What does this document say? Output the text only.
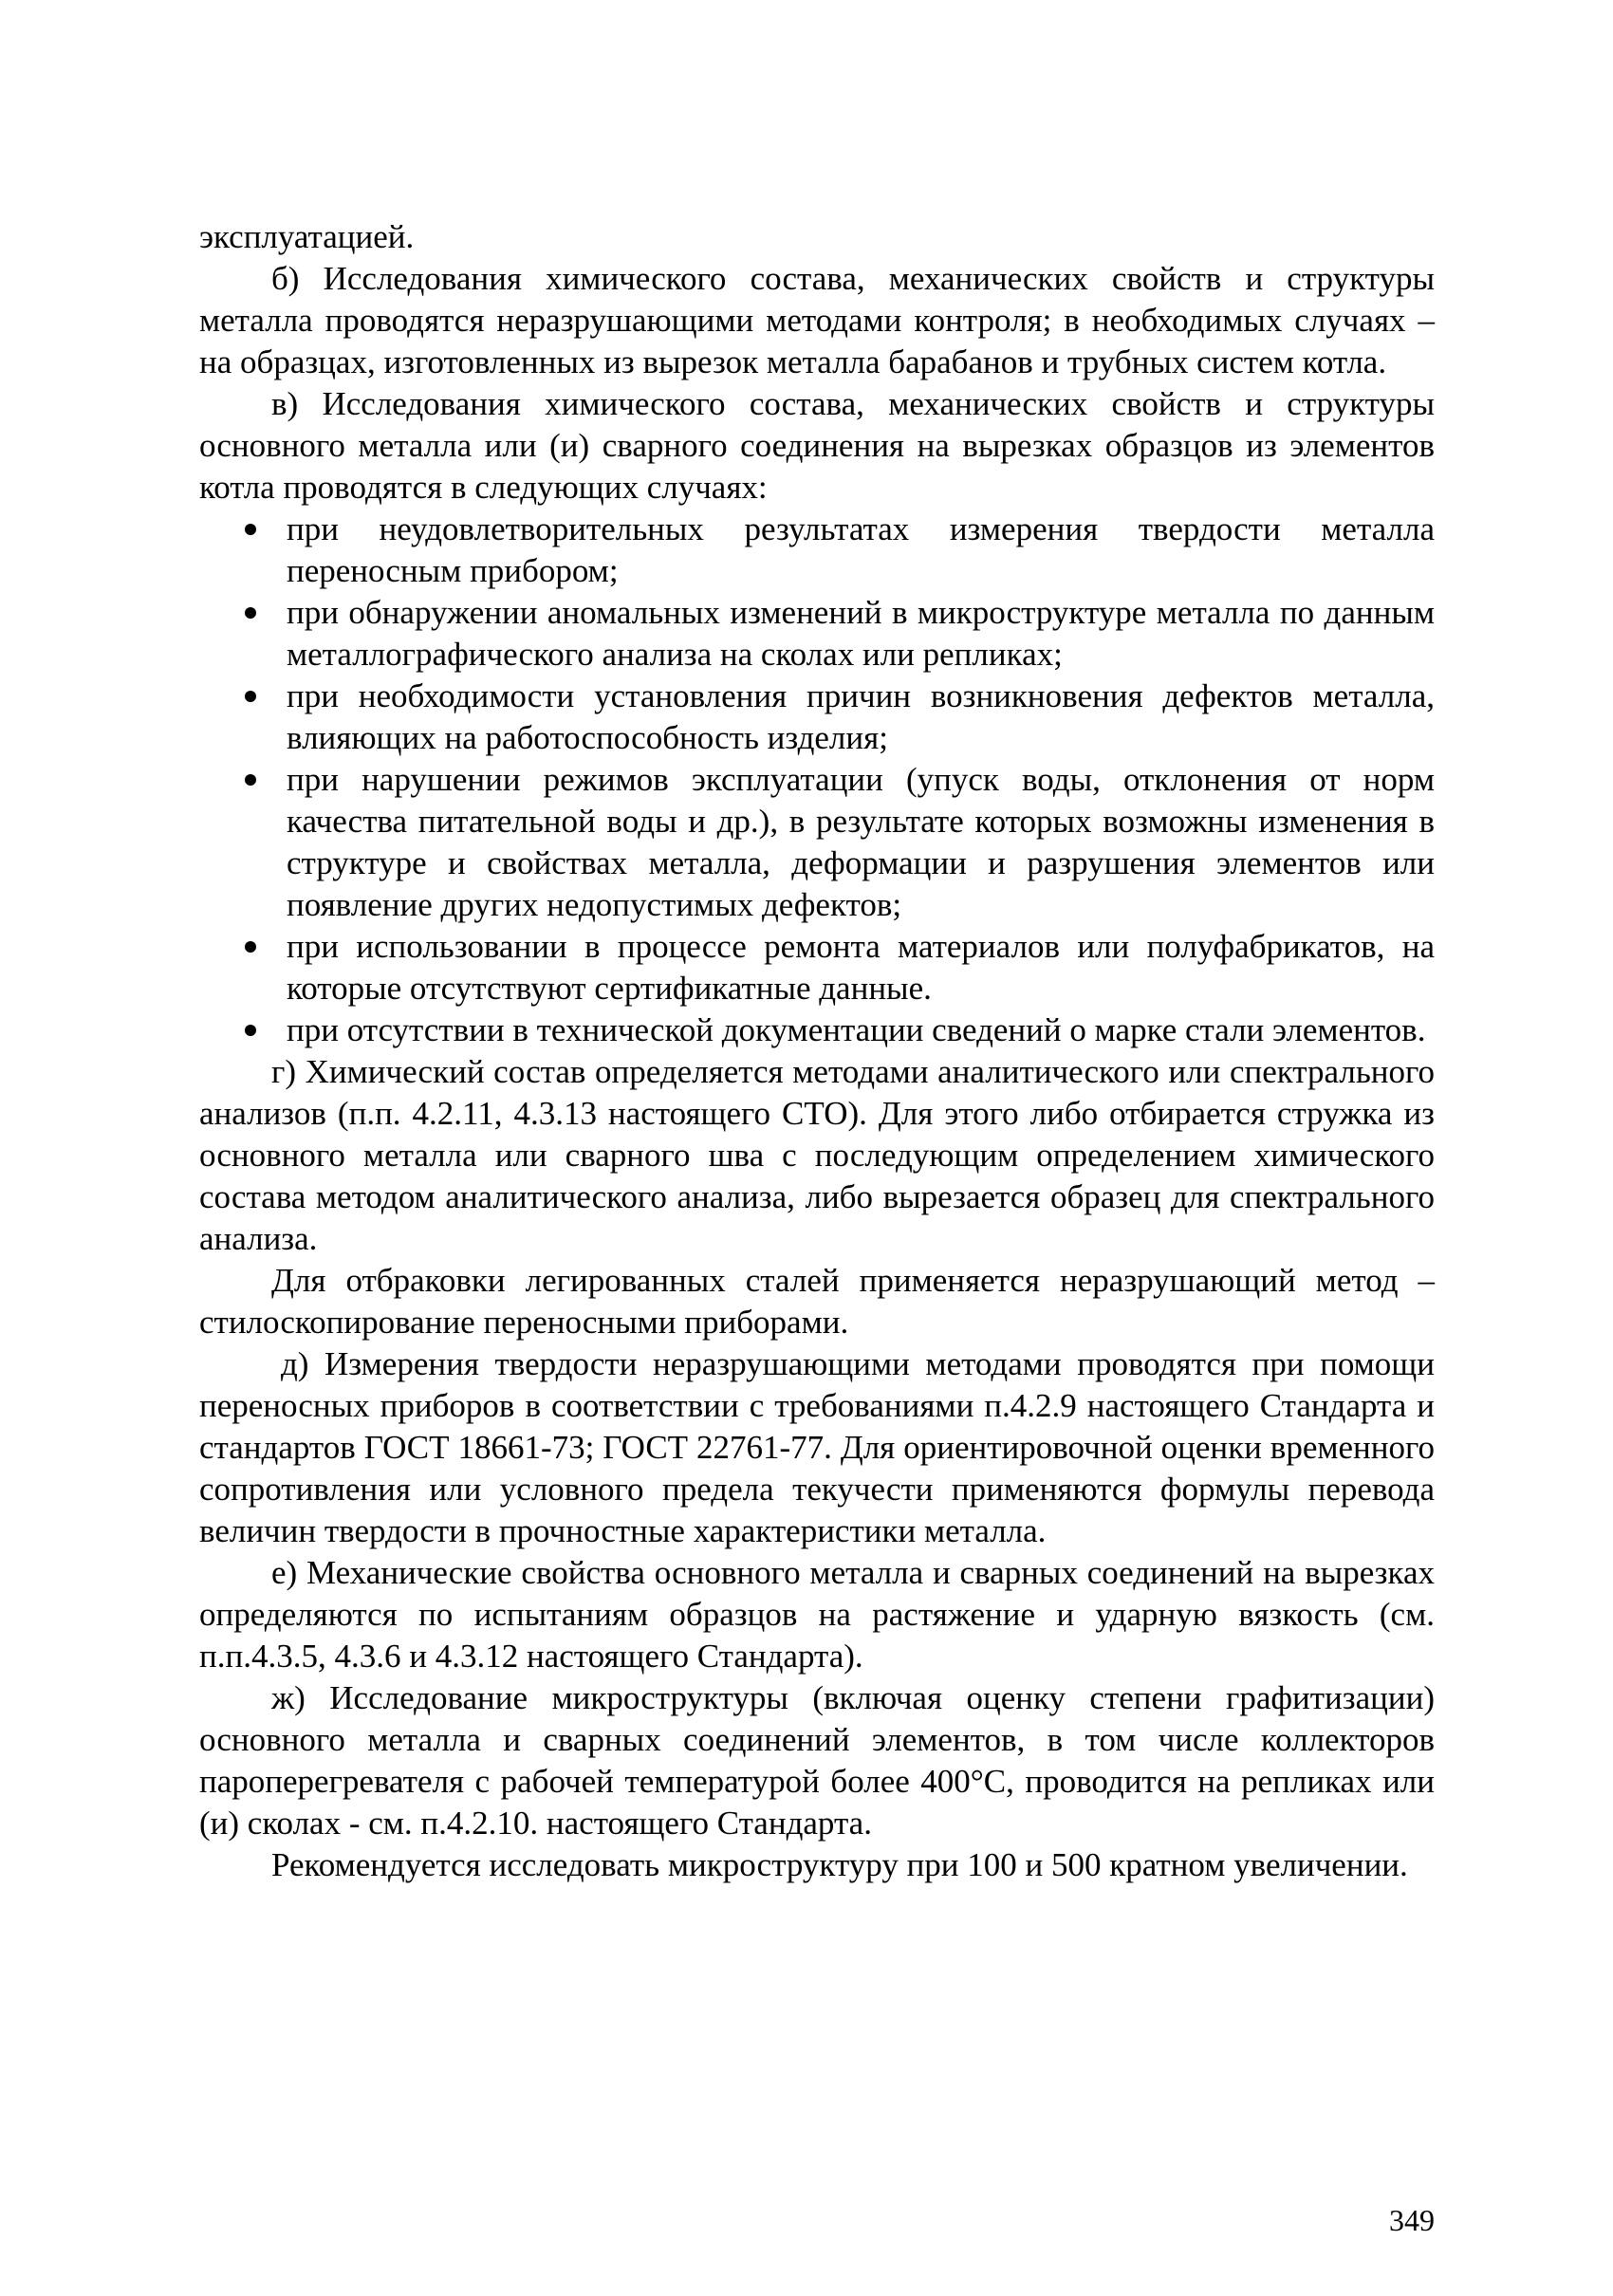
эксплуатацией.

б) Исследования химического состава, механических свойств и структуры металла проводятся неразрушающими методами контроля; в необходимых случаях – на образцах, изготовленных из вырезок металла барабанов и трубных систем котла.

в) Исследования химического состава, механических свойств и структуры основного металла или (и) сварного соединения на вырезках образцов из элементов котла проводятся в следующих случаях:

при неудовлетворительных результатах измерения твердости металла переносным прибором;
при обнаружении аномальных изменений в микроструктуре металла по данным металлографического анализа на сколах или репликах;
при необходимости установления причин возникновения дефектов металла, влияющих на работоспособность изделия;
при нарушении режимов эксплуатации (упуск воды, отклонения от норм качества питательной воды и др.), в результате которых возможны изменения в структуре и свойствах металла, деформации и разрушения элементов или появление других недопустимых дефектов;
при использовании в процессе ремонта материалов или полуфабрикатов, на которые отсутствуют сертификатные данные.
при отсутствии в технической документации сведений о марке стали элементов.

г) Химический состав определяется методами аналитического или спектрального анализов (п.п. 4.2.11, 4.3.13 настоящего СТО). Для этого либо отбирается стружка из основного металла или сварного шва с последующим определением химического состава методом аналитического анализа, либо вырезается образец для спектрального анализа.

Для отбраковки легированных сталей применяется неразрушающий метод – стилоскопирование переносными приборами.

д) Измерения твердости неразрушающими методами проводятся при помощи переносных приборов в соответствии с требованиями п.4.2.9 настоящего Стандарта и стандартов ГОСТ 18661-73; ГОСТ 22761-77. Для ориентировочной оценки временного сопротивления или условного предела текучести применяются формулы перевода величин твердости в прочностные характеристики металла.

е) Механические свойства основного металла и сварных соединений на вырезках определяются по испытаниям образцов на растяжение и ударную вязкость (см. п.п.4.3.5, 4.3.6 и 4.3.12 настоящего Стандарта).

ж) Исследование микроструктуры (включая оценку степени графитизации) основного металла и сварных соединений элементов, в том числе коллекторов пароперегревателя с рабочей температурой более 400°С, проводится на репликах или (и) сколах - см. п.4.2.10. настоящего Стандарта.

Рекомендуется исследовать микроструктуру при 100 и 500 кратном увеличении.

349
